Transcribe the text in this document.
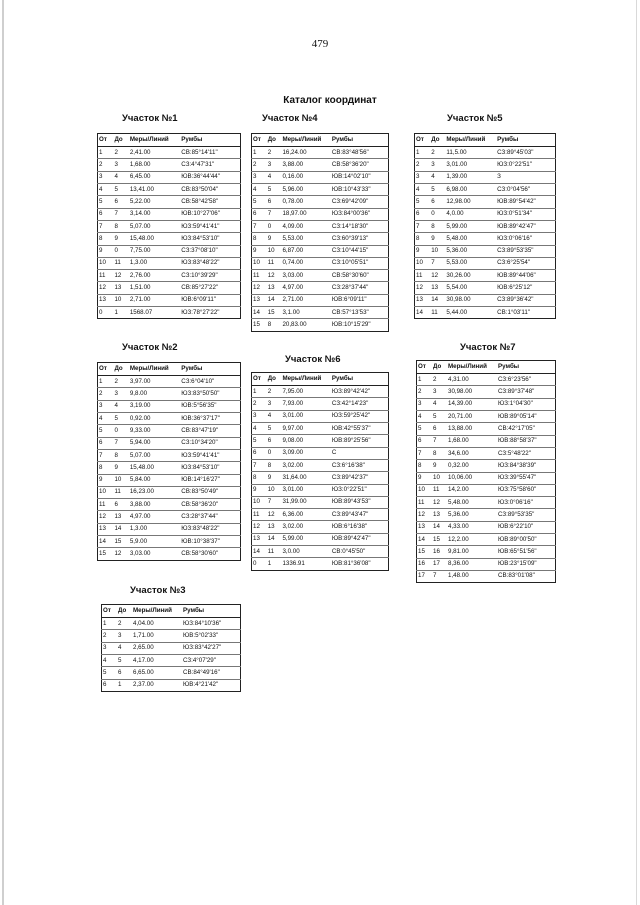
479
Каталог координат
Участок №1
От	До	Меры/Линий	Румбы
1	2	2,41.00	СВ:85°14'11"
2	3	1,68.00	СЗ:4°47'31"
3	4	6,45.00	ЮВ:36°44'44"
4	5	13,41.00	СВ:83°50'04"
5	6	5,22.00	СВ:58°42'58"
6	7	3,14.00	ЮВ:10°27'06"
7	8	5,07.00	ЮЗ:59°41'41"
8	9	15,48.00	ЮЗ:84°53'10"
9	0	7,75.00	СЗ:37°08'10"
10	11	1,3.00	ЮЗ:83°48'22"
11	12	2,76.00	СЗ:10°39'29"
12	13	1,51.00	СВ:85°27'22"
13	10	2,71.00	ЮВ:6°09'11"
0	1	1568.07	ЮЗ:78°27'22"
Участок №2
От	До	Меры/Линий	Румбы
1	2	3,97.00	СЗ:6°04'10"
2	3	9,8.00	ЮЗ:83°50'50"
3	4	3,19.00	ЮВ:5°56'35"
4	5	0,92.00	ЮВ:36°37'17"
5	0	9,33.00	СВ:83°47'19"
6	7	5,94.00	СЗ:10°34'20"
7	8	5,07.00	ЮЗ:59°41'41"
8	9	15,48.00	ЮЗ:84°53'10"
9	10	5,84.00	ЮВ:14°16'27"
10	11	16,23.00	СВ:83°50'49"
11	6	3,88.00	СВ:58°36'20"
12	13	4,97.00	СЗ:28°37'44"
13	14	1,3.00	ЮЗ:83°48'22"
14	15	5,9.00	ЮВ:10°38'37"
15	12	3,03.00	СВ:58°30'60"
Участок №3
От	До	Меры/Линий	Румбы
1	2	4,04.00	ЮЗ:84°10'36"
2	3	1,71.00	ЮВ:5°02'33"
3	4	2,65.00	ЮЗ:83°42'27"
4	5	4,17.00	СЗ:4°07'29"
5	6	6,65.00	СВ:84°49'16"
6	1	2,37.00	ЮВ:4°21'42"
Участок №4
От	До	Меры/Линий	Румбы
1	2	16,24.00	СВ:83°48'56"
2	3	3,88.00	СВ:58°36'20"
3	4	0,16.00	ЮВ:14°02'10"
4	5	5,96.00	ЮВ:10°43'33"
5	6	0,78.00	СЗ:69°42'09"
6	7	18,97.00	ЮЗ:84°00'36"
7	0	4,09.00	СЗ:14°18'30"
8	9	5,53.00	СЗ:60°39'13"
9	10	6,87.00	СЗ:10°44'15"
10	11	0,74.00	СЗ:10°05'51"
11	12	3,03.00	СВ:58°30'60"
12	13	4,97.00	СЗ:28°37'44"
13	14	2,71.00	ЮВ:6°09'11"
14	15	3,1.00	СВ:57°13'53"
15	8	20,83.00	ЮВ:10°15'29"
Участок №5
От	До	Меры/Линий	Румбы
1	2	11,5.00	СЗ:89°45'03"
2	3	3,01.00	ЮЗ:0°22'51"
3	4	1,39.00	З
4	5	6,98.00	СЗ:0°04'56"
5	6	12,98.00	ЮВ:89°54'42"
6	0	4,0.00	ЮЗ:0°51'34"
7	8	5,99.00	ЮВ:89°42'47"
8	9	5,48.00	ЮЗ:0°06'16"
9	10	5,36.00	СЗ:89°53'35"
10	7	5,53.00	СЗ:6°25'54"
11	12	30,26.00	ЮВ:89°44'06"
12	13	5,54.00	ЮВ:6°25'12"
13	14	30,98.00	СЗ:89°36'42"
14	11	5,44.00	СВ:1°03'11"
Участок №6
От	До	Меры/Линий	Румбы
1	2	7,95.00	ЮЗ:89°42'42"
2	3	7,93.00	СЗ:42°14'23"
3	4	3,01.00	ЮЗ:59°25'42"
4	5	9,97.00	ЮВ:42°55'37"
5	6	9,08.00	ЮВ:89°25'56"
6	0	3,09.00	С
7	8	3,02.00	СЗ:6°16'38"
8	9	31,64.00	СЗ:89°42'37"
9	10	3,01.00	ЮЗ:0°22'51"
10	7	31,99.00	ЮВ:89°43'53"
11	12	6,36.00	СЗ:89°43'47"
12	13	3,02.00	ЮВ:6°16'38"
13	14	5,99.00	ЮВ:89°42'47"
14	11	3,0.00	СВ:0°45'50"
0	1	1336.91	ЮВ:81°36'08"
Участок №7
От	До	Меры/Линий	Румбы
1	2	4,31.00	СЗ:6°23'56"
2	3	30,98.00	СЗ:89°37'48"
3	4	14,39.00	ЮЗ:1°04'30"
4	5	20,71.00	ЮВ:89°05'14"
5	6	13,88.00	СВ:42°17'05"
6	7	1,68.00	ЮВ:88°58'37"
7	8	34,6.00	СЗ:5°48'22"
8	9	0,32.00	ЮЗ:84°38'39"
9	10	10,06.00	ЮЗ:39°55'47"
10	11	14,2.00	ЮЗ:75°58'60"
11	12	5,48.00	ЮЗ:0°06'16"
12	13	5,36.00	СЗ:89°53'35"
13	14	4,33.00	ЮВ:6°22'10"
14	15	12,2.00	ЮВ:89°00'50"
15	16	9,81.00	ЮВ:65°51'56"
16	17	8,36.00	ЮВ:23°15'09"
17	7	1,48.00	СВ:83°01'08"
